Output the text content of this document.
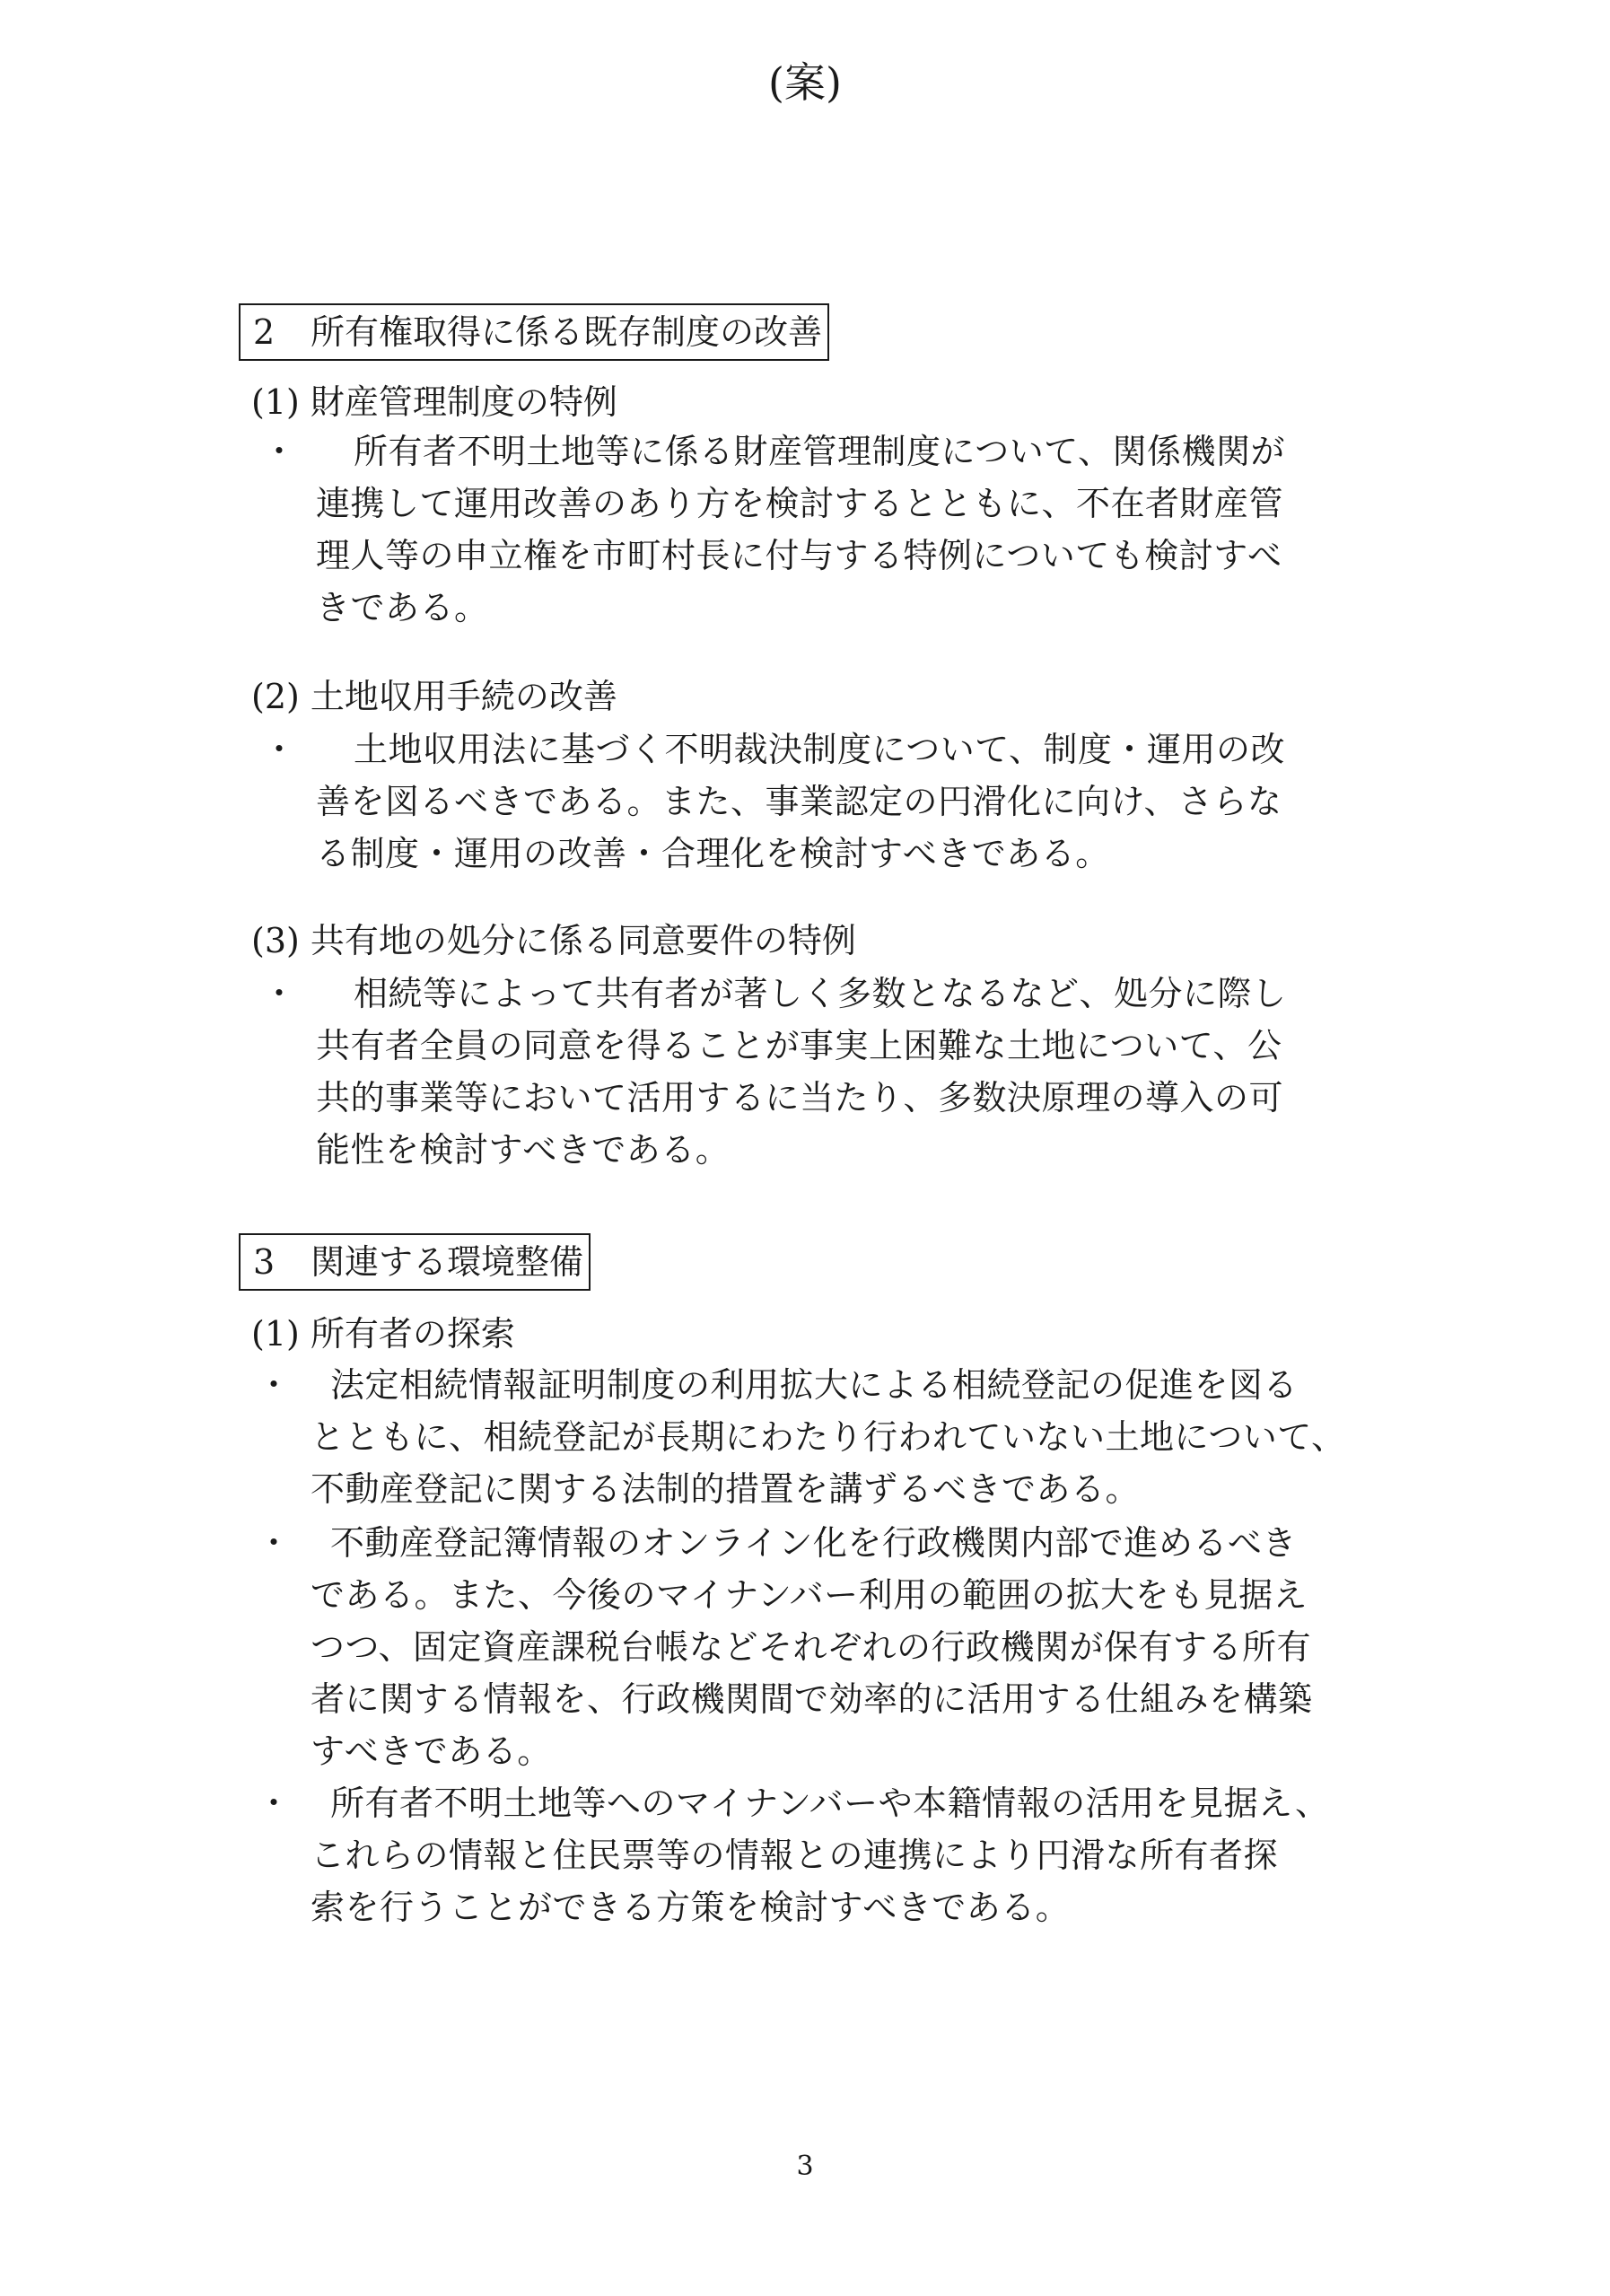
(案)
2 所有権取得に係る既存制度の改善
(1) 財産管理制度の特例
・	所有者不明土地等に係る財産管理制度について、関係機関が
連携して運用改善のあり方を検討するとともに、不在者財産管
理人等の申立権を市町村長に付与する特例についても検討すべ
きである。
(2) 土地収用手続の改善
・	土地収用法に基づく不明裁決制度について、制度・運用の改
善を図るべきである。また、事業認定の円滑化に向け、さらな
る制度・運用の改善・合理化を検討すべきである。
(3) 共有地の処分に係る同意要件の特例
・	相続等によって共有者が著しく多数となるなど、処分に際し
共有者全員の同意を得ることが事実上困難な土地について、公
共的事業等において活用するに当たり、多数決原理の導入の可
能性を検討すべきである。
3 関連する環境整備
(1) 所有者の探索
・	法定相続情報証明制度の利用拡大による相続登記の促進を図る
とともに、相続登記が長期にわたり行われていない土地について、
不動産登記に関する法制的措置を講ずるべきである。
・	不動産登記簿情報のオンライン化を行政機関内部で進めるべき
である。また、今後のマイナンバー利用の範囲の拡大をも見据え
つつ、固定資産課税台帳などそれぞれの行政機関が保有する所有
者に関する情報を、行政機関間で効率的に活用する仕組みを構築
すべきである。
・	所有者不明土地等へのマイナンバーや本籍情報の活用を見据え、
これらの情報と住民票等の情報との連携により円滑な所有者探
索を行うことができる方策を検討すべきである。
3
